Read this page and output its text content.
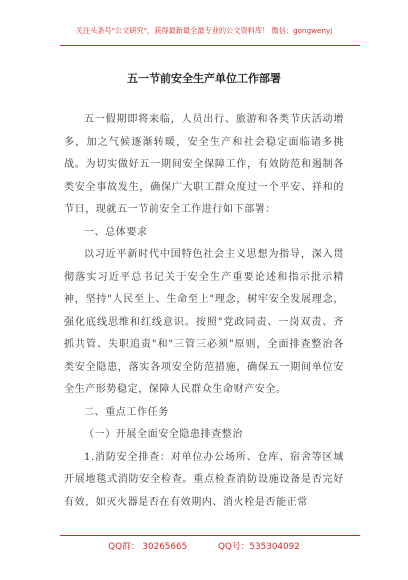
关注头条号"公文研究"，获得最新最全最专业的公文资料库！ 微信：gongwenyj
五一节前安全生产单位工作部署

五一假期即将来临，人员出行、旅游和各类节庆活动增多，加之气候逐渐转暖，安全生产和社会稳定面临诸多挑战。为切实做好五一期间安全保障工作，有效防范和遏制各类安全事故发生，确保广大职工群众度过一个平安、祥和的节日，现就五一节前安全工作进行如下部署：

一、总体要求

以习近平新时代中国特色社会主义思想为指导，深入贯彻落实习近平总书记关于安全生产重要论述和指示批示精神，坚持"人民至上、生命至上"理念，树牢安全发展理念，强化底线思维和红线意识。按照"党政同责、一岗双责、齐抓共管、失职追责"和"三管三必须"原则，全面排查整治各类安全隐患，落实各项安全防范措施，确保五一期间单位安全生产形势稳定，保障人民群众生命财产安全。

二、重点工作任务

（一）开展全面安全隐患排查整治

1.消防安全排查：对单位办公场所、仓库、宿舍等区域开展地毯式消防安全检查。重点检查消防设施设备是否完好有效，如灭火器是否在有效期内、消火栓是否能正常

QQ群： 30265665	QQ号：535304092
